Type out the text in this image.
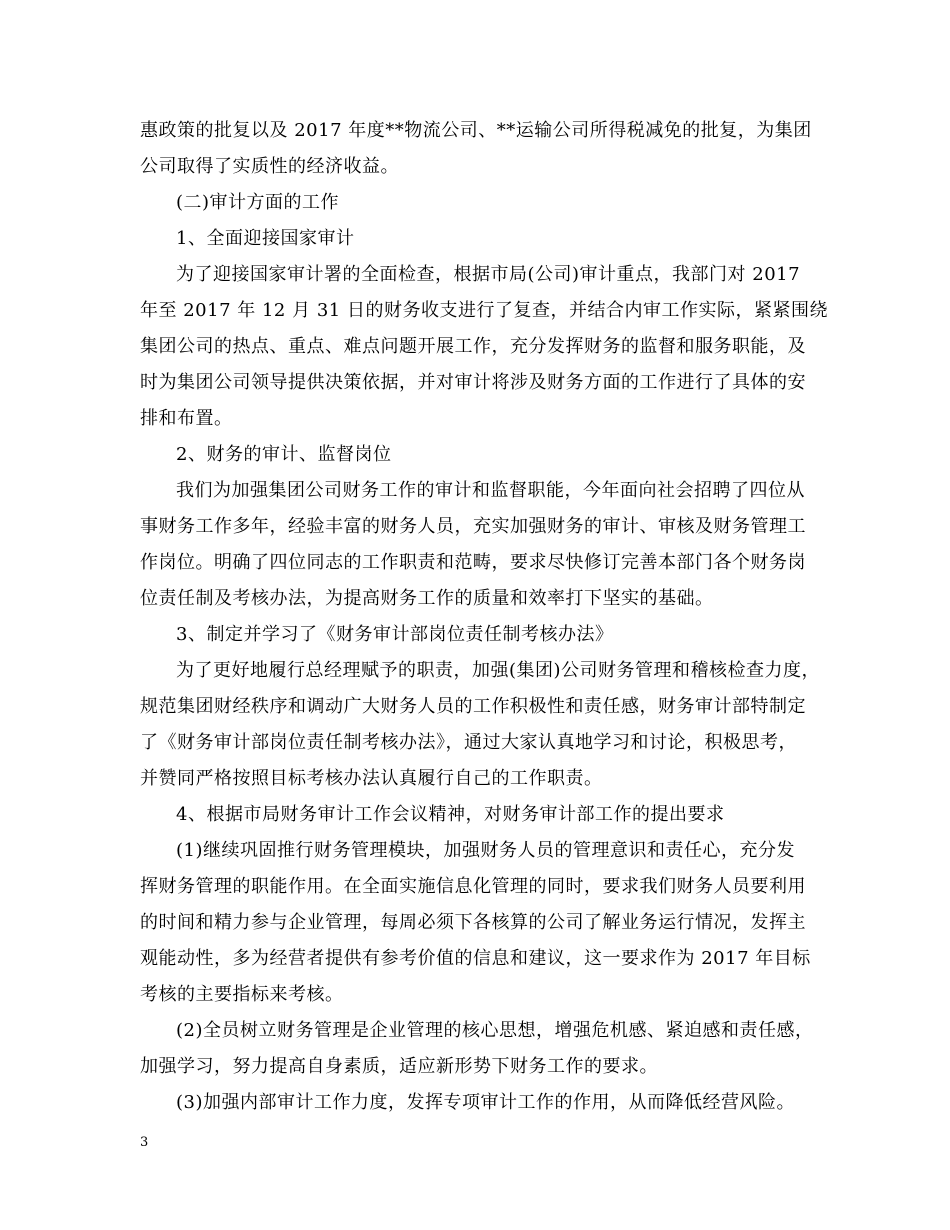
惠政策的批复以及 2017 年度**物流公司、**运输公司所得税减免的批复，为集团
公司取得了实质性的经济收益。
(二)审计方面的工作
1、全面迎接国家审计
为了迎接国家审计署的全面检查，根据市局(公司)审计重点，我部门对 2017
年至 2017 年 12 月 31 日的财务收支进行了复查，并结合内审工作实际，紧紧围绕
集团公司的热点、重点、难点问题开展工作，充分发挥财务的监督和服务职能，及
时为集团公司领导提供决策依据，并对审计将涉及财务方面的工作进行了具体的安
排和布置。
2、财务的审计、监督岗位
我们为加强集团公司财务工作的审计和监督职能，今年面向社会招聘了四位从
事财务工作多年，经验丰富的财务人员，充实加强财务的审计、审核及财务管理工
作岗位。明确了四位同志的工作职责和范畴，要求尽快修订完善本部门各个财务岗
位责任制及考核办法，为提高财务工作的质量和效率打下坚实的基础。
3、制定并学习了《财务审计部岗位责任制考核办法》
为了更好地履行总经理赋予的职责，加强(集团)公司财务管理和稽核检查力度，
规范集团财经秩序和调动广大财务人员的工作积极性和责任感，财务审计部特制定
了《财务审计部岗位责任制考核办法》，通过大家认真地学习和讨论，积极思考，
并赞同严格按照目标考核办法认真履行自己的工作职责。
4、根据市局财务审计工作会议精神，对财务审计部工作的提出要求
(1)继续巩固推行财务管理模块，加强财务人员的管理意识和责任心，充分发
挥财务管理的职能作用。在全面实施信息化管理的同时，要求我们财务人员要利用
的时间和精力参与企业管理，每周必须下各核算的公司了解业务运行情况，发挥主
观能动性，多为经营者提供有参考价值的信息和建议，这一要求作为 2017 年目标
考核的主要指标来考核。
(2)全员树立财务管理是企业管理的核心思想，增强危机感、紧迫感和责任感，
加强学习，努力提高自身素质，适应新形势下财务工作的要求。
(3)加强内部审计工作力度，发挥专项审计工作的作用，从而降低经营风险。
3
